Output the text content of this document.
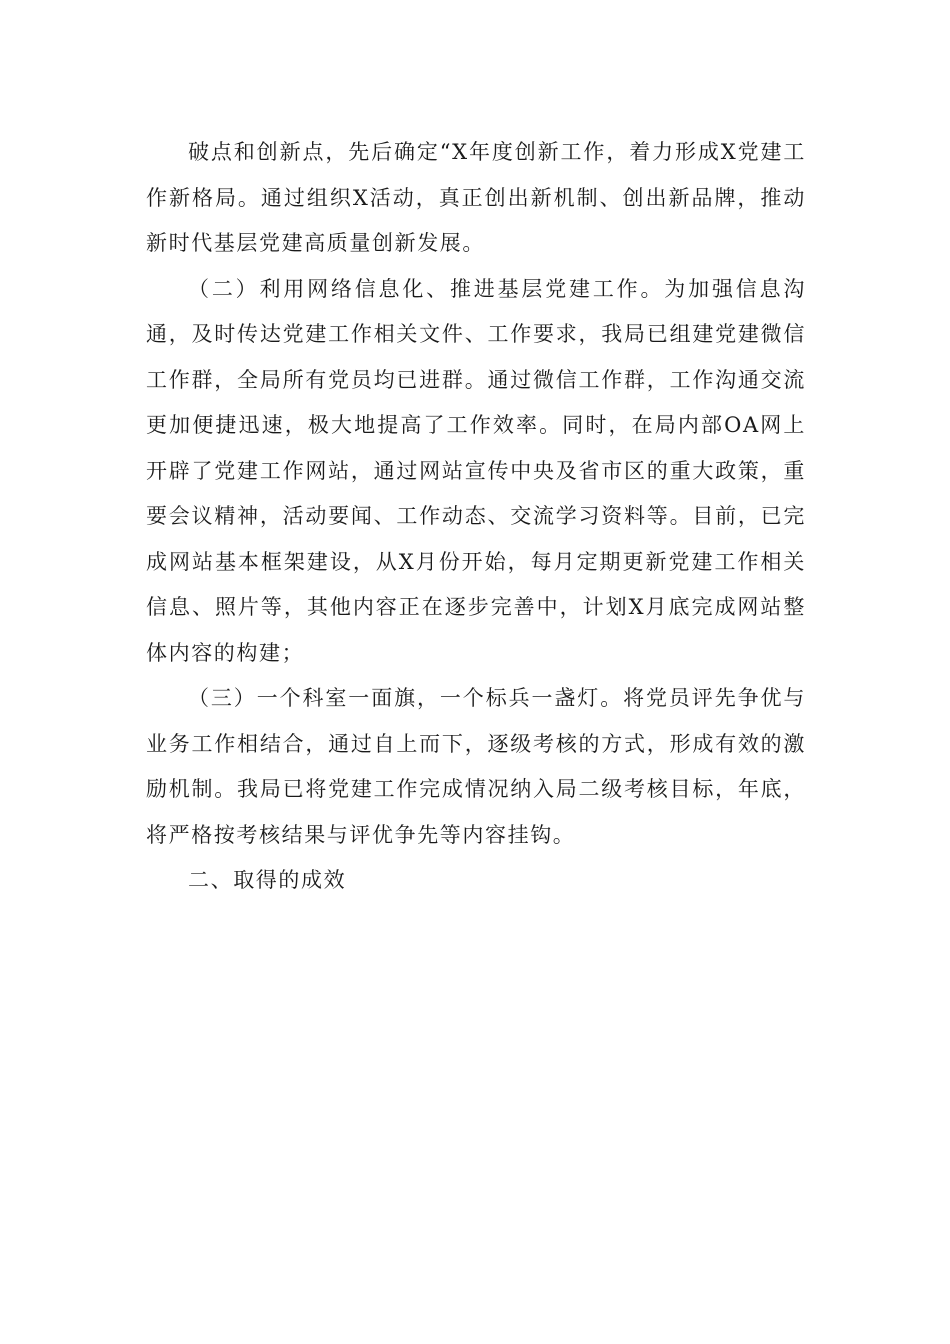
破点和创新点，先后确定“X年度创新工作，着力形成X党建工作新格局。通过组织X活动，真正创出新机制、创出新品牌，推动新时代基层党建高质量创新发展。

（二）利用网络信息化、推进基层党建工作。为加强信息沟通，及时传达党建工作相关文件、工作要求，我局已组建党建微信工作群，全局所有党员均已进群。通过微信工作群，工作沟通交流更加便捷迅速，极大地提高了工作效率。同时，在局内部OA网上开辟了党建工作网站，通过网站宣传中央及省市区的重大政策，重要会议精神，活动要闻、工作动态、交流学习资料等。目前，已完成网站基本框架建设，从X月份开始，每月定期更新党建工作相关信息、照片等，其他内容正在逐步完善中，计划X月底完成网站整体内容的构建；

（三）一个科室一面旗，一个标兵一盏灯。将党员评先争优与业务工作相结合，通过自上而下，逐级考核的方式，形成有效的激励机制。我局已将党建工作完成情况纳入局二级考核目标，年底，将严格按考核结果与评优争先等内容挂钩。

二、取得的成效
